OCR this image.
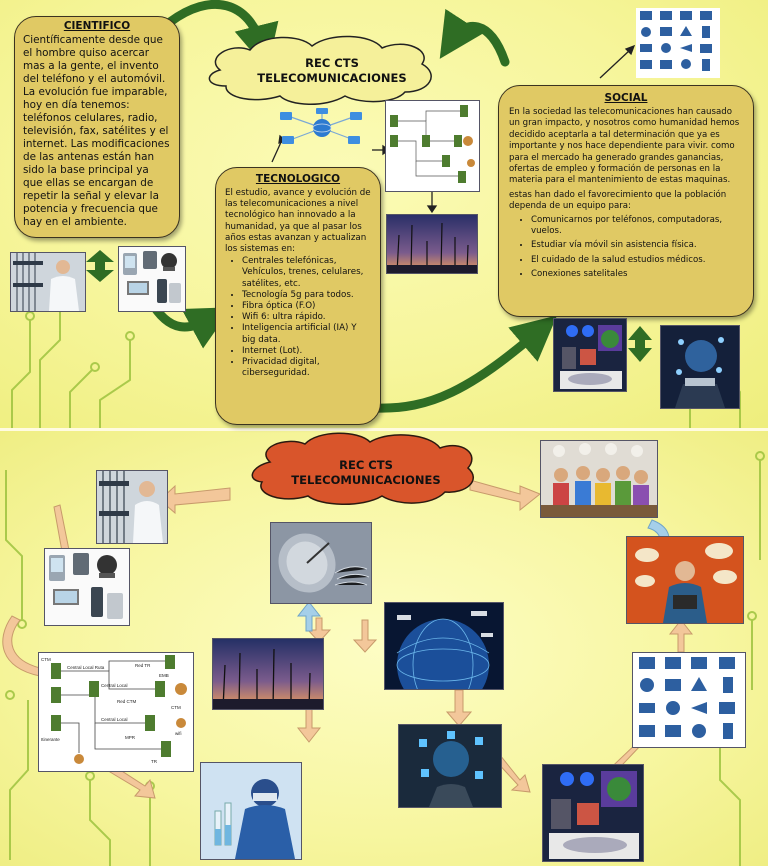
REC CTS
TELECOMUNICACIONES
REC CTS
TELECOMUNICACIONES
CIENTIFICO

Científicamente desde que el hombre quiso acercar mas a la gente, el invento del teléfono y el automóvil. La evolución fue imparable, hoy en día tenemos: teléfonos celulares, radio, televisión, fax, satélites y el internet. Las modificaciones de las antenas están han sido la base principal ya que ellas se encargan de repetir la señal y elevar la potencia y frecuencia que hay en el ambiente.

TECNOLOGICO

El estudio, avance y evolución de las telecomunicaciones a nivel tecnológico han innovado a la humanidad, ya que al pasar los años estas avanzan y actualizan los sistemas en:

• Centrales telefónicas, Vehículos, trenes, celulares, satélites, etc.
• Tecnología 5g para todos.
• Fibra óptica (F.O)
• Wifi 6: ultra rápido.
• Inteligencia artificial (IA) Y big data.
• Internet (Lot).
• Privacidad digital, ciberseguridad.
SOCIAL

En la sociedad las telecomunicaciones han causado un gran impacto, y nosotros como humanidad hemos decidido aceptarla a tal determinación que ya es importante y nos hace dependiente para vivir. como para el mercado ha generado grandes ganancias, ofertas de empleo y formación de personas en la materia para el mantenimiento de estas maquinas.

estas han dado el favorecimiento que la población dependa de un equipo para:

• Comunicarnos por teléfonos, computadoras, vuelos.
• Estudiar vía móvil sin asistencia física.
• El cuidado de la salud estudios médicos.
• Conexiones satelitales
CTM
Central Local Ruta
Central Local
Central Local
Itinerante
Red TR
Red CTM
EMB
MPR
CTM
TR
wifi
